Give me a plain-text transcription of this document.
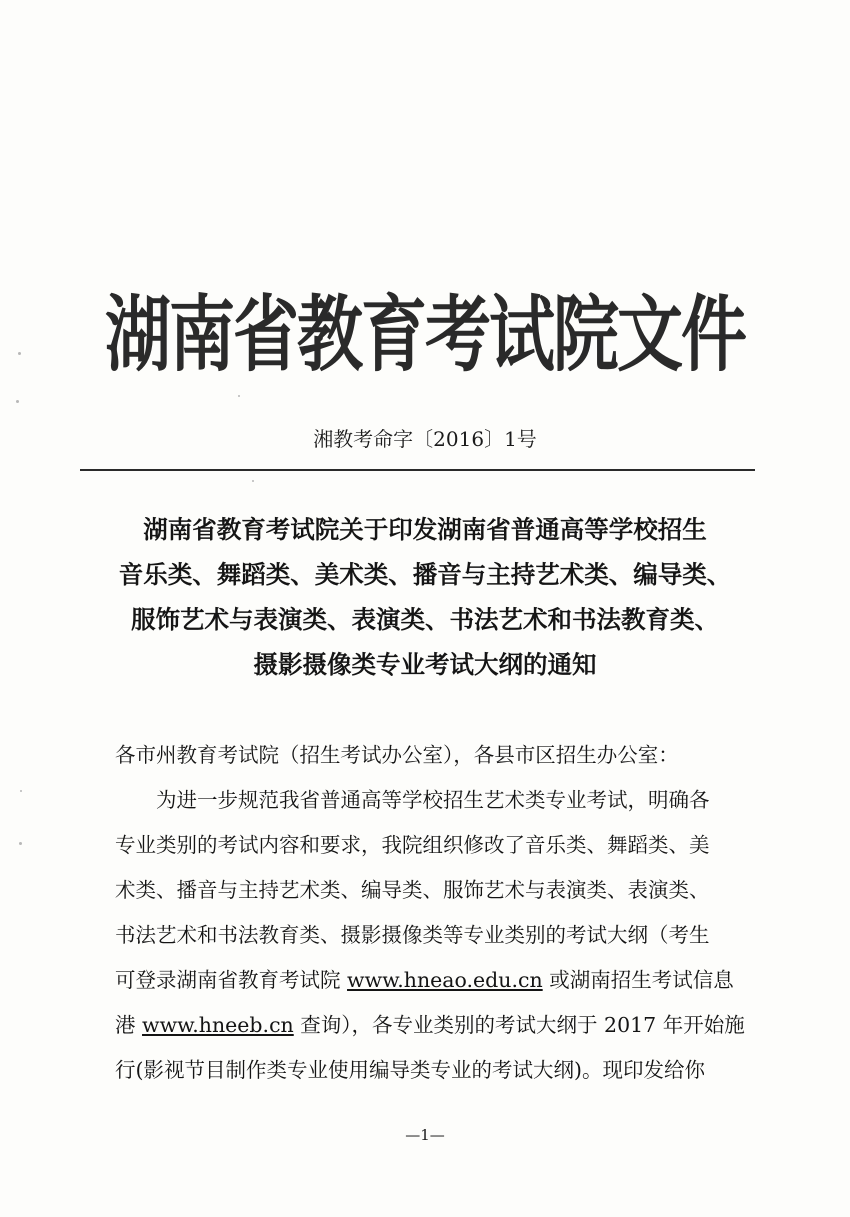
湖南省教育考试院文件
湘教考命字〔2016〕1号
湖南省教育考试院关于印发湖南省普通高等学校招生
音乐类、舞蹈类、美术类、播音与主持艺术类、编导类、
服饰艺术与表演类、表演类、书法艺术和书法教育类、
摄影摄像类专业考试大纲的通知
各市州教育考试院（招生考试办公室），各县市区招生办公室：
为进一步规范我省普通高等学校招生艺术类专业考试，明确各
专业类别的考试内容和要求，我院组织修改了音乐类、舞蹈类、美
术类、播音与主持艺术类、编导类、服饰艺术与表演类、表演类、
书法艺术和书法教育类、摄影摄像类等专业类别的考试大纲（考生
可登录湖南省教育考试院 www.hneao.edu.cn 或湖南招生考试信息
港 www.hneeb.cn 查询），各专业类别的考试大纲于 2017 年开始施
行(影视节目制作类专业使用编导类专业的考试大纲)。现印发给你
—1—
